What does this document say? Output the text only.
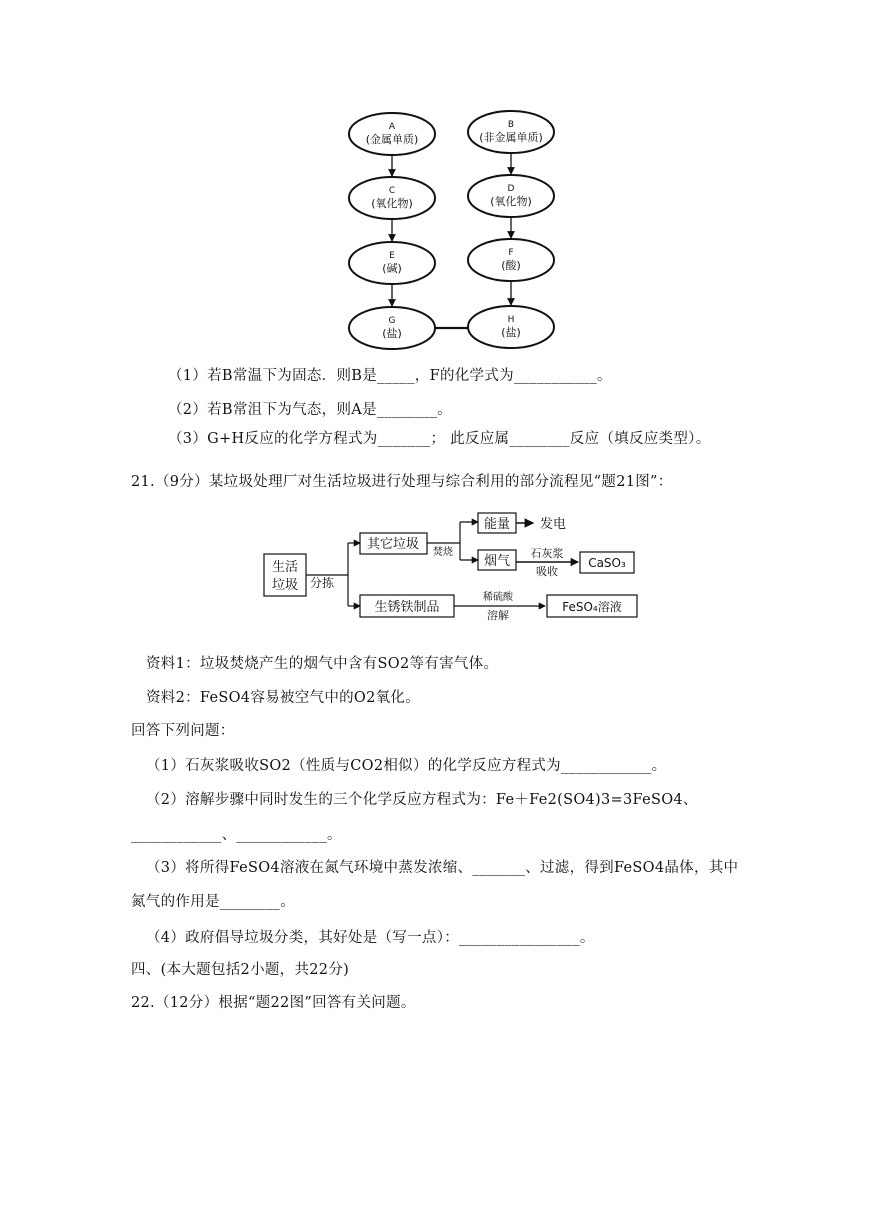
A
(金属单质)
C
(氧化物)
E
(碱)
G
(盐)
B
(非金属单质)
D
(氧化物)
F
(酸)
H
(盐)
（1）若B常温下为固态．则B是_____，F的化学式为___________。
（2）若B常沮下为气态，则A是________。
（3）G+H反应的化学方程式为_______； 此反应属________反应（填反应类型）。
21.（9分）某垃圾处理厂对生活垃圾进行处理与综合利用的部分流程见“题21图”：
生活
垃圾 分拣
其它垃圾
焚烧
能量 发电
烟气
石灰浆
吸收
CaSO₃
生锈铁制品
稀硫酸
溶解
FeSO₄溶液
资料1：垃圾焚烧产生的烟气中含有SO2等有害气体。
资料2：FeSO4容易被空气中的O2氧化。
回答下列问题：
（1）石灰浆吸收SO2（性质与CO2相似）的化学反应方程式为____________。
（2）溶解步骤中同时发生的三个化学反应方程式为：Fe＋Fe2(SO4)3=3FeSO4、
____________、____________。
（3）将所得FeSO4溶液在氮气环境中蒸发浓缩、_______、过滤，得到FeSO4晶体，其中
氮气的作用是________。
（4）政府倡导垃圾分类，其好处是（写一点）：________________。
四、(本大题包括2小题，共22分)
22.（12分）根据“题22图”回答有关问题。
